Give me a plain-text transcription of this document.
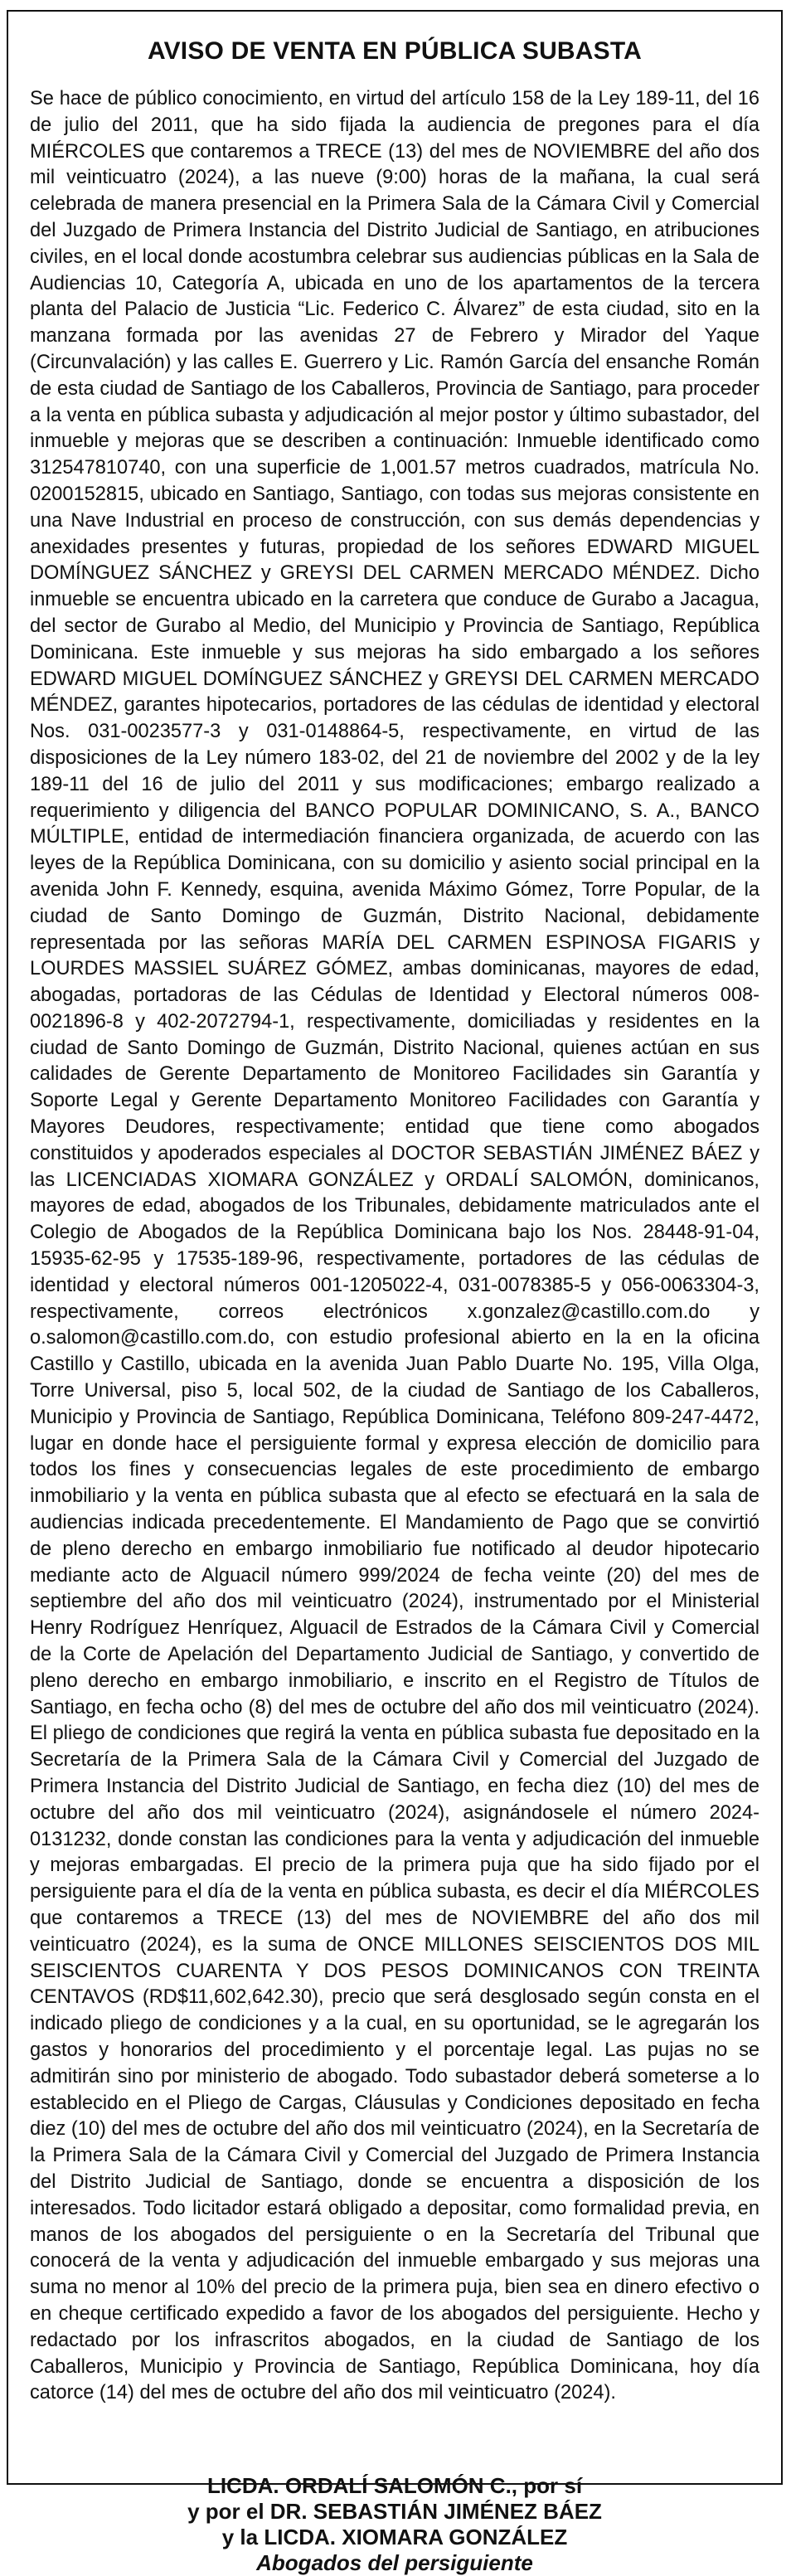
AVISO DE VENTA EN PÚBLICA SUBASTA
Se hace de público conocimiento, en virtud del artículo 158 de la Ley 189-11, del 16 de julio del 2011, que ha sido fijada la audiencia de pregones para el día MIÉRCOLES que contaremos a TRECE (13) del mes de NOVIEMBRE del año dos mil veinticuatro (2024), a las nueve (9:00) horas de la mañana, la cual será celebrada de manera presencial en la Primera Sala de la Cámara Civil y Comercial del Juzgado de Primera Instancia del Distrito Judicial de Santiago, en atribuciones civiles, en el local donde acostumbra celebrar sus audiencias públicas en la Sala de Audiencias 10, Categoría A, ubicada en uno de los apartamentos de la tercera planta del Palacio de Justicia “Lic. Federico C. Álvarez” de esta ciudad, sito en la manzana formada por las avenidas 27 de Febrero y Mirador del Yaque (Circunvalación) y las calles E. Guerrero y Lic. Ramón García del ensanche Román de esta ciudad de Santiago de los Caballeros, Provincia de Santiago, para proceder a la venta en pública subasta y adjudicación al mejor postor y último subastador, del inmueble y mejoras que se describen a continuación: Inmueble identificado como 312547810740, con una superficie de 1,001.57 metros cuadrados, matrícula No. 0200152815, ubicado en Santiago, Santiago, con todas sus mejoras consistente en una Nave Industrial en proceso de construcción, con sus demás dependencias y anexidades presentes y futuras, propiedad de los señores EDWARD MIGUEL DOMÍNGUEZ SÁNCHEZ y GREYSI DEL CARMEN MERCADO MÉNDEZ. Dicho inmueble se encuentra ubicado en la carretera que conduce de Gurabo a Jacagua, del sector de Gurabo al Medio, del Municipio y Provincia de Santiago, República Dominicana. Este inmueble y sus mejoras ha sido embargado a los señores EDWARD MIGUEL DOMÍNGUEZ SÁNCHEZ y GREYSI DEL CARMEN MERCADO MÉNDEZ, garantes hipotecarios, portadores de las cédulas de identidad y electoral Nos. 031-0023577-3 y 031-0148864-5, respectivamente, en virtud de las disposiciones de la Ley número 183-02, del 21 de noviembre del 2002 y de la ley 189-11 del 16 de julio del 2011 y sus modificaciones; embargo realizado a requerimiento y diligencia del BANCO POPULAR DOMINICANO, S. A., BANCO MÚLTIPLE, entidad de intermediación financiera organizada, de acuerdo con las leyes de la República Dominicana, con su domicilio y asiento social principal en la avenida John F. Kennedy, esquina, avenida Máximo Gómez, Torre Popular, de la ciudad de Santo Domingo de Guzmán, Distrito Nacional, debidamente representada por las señoras MARÍA DEL CARMEN ESPINOSA FIGARIS y LOURDES MASSIEL SUÁREZ GÓMEZ, ambas dominicanas, mayores de edad, abogadas, portadoras de las Cédulas de Identidad y Electoral números 008-0021896-8 y 402-2072794-1, respectivamente, domiciliadas y residentes en la ciudad de Santo Domingo de Guzmán, Distrito Nacional, quienes actúan en sus calidades de Gerente Departamento de Monitoreo Facilidades sin Garantía y Soporte Legal y Gerente Departamento Monitoreo Facilidades con Garantía y Mayores Deudores, respectivamente; entidad que tiene como abogados constituidos y apoderados especiales al DOCTOR SEBASTIÁN JIMÉNEZ BÁEZ y las LICENCIADAS XIOMARA GONZÁLEZ y ORDALÍ SALOMÓN, dominicanos, mayores de edad, abogados de los Tribunales, debidamente matriculados ante el Colegio de Abogados de la República Dominicana bajo los Nos. 28448-91-04, 15935-62-95 y 17535-189-96, respectivamente, portadores de las cédulas de identidad y electoral números 001-1205022-4, 031-0078385-5 y 056-0063304-3, respectivamente, correos electrónicos x.gonzalez@castillo.com.do y o.salomon@castillo.com.do, con estudio profesional abierto en la en la oficina Castillo y Castillo, ubicada en la avenida Juan Pablo Duarte No. 195, Villa Olga, Torre Universal, piso 5, local 502, de la ciudad de Santiago de los Caballeros, Municipio y Provincia de Santiago, República Dominicana, Teléfono 809-247-4472, lugar en donde hace el persiguiente formal y expresa elección de domicilio para todos los fines y consecuencias legales de este procedimiento de embargo inmobiliario y la venta en pública subasta que al efecto se efectuará en la sala de audiencias indicada precedentemente. El Mandamiento de Pago que se convirtió de pleno derecho en embargo inmobiliario fue notificado al deudor hipotecario mediante acto de Alguacil número 999/2024 de fecha veinte (20) del mes de septiembre del año dos mil veinticuatro (2024), instrumentado por el Ministerial Henry Rodríguez Henríquez, Alguacil de Estrados de la Cámara Civil y Comercial de la Corte de Apelación del Departamento Judicial de Santiago, y convertido de pleno derecho en embargo inmobiliario, e inscrito en el Registro de Títulos de Santiago, en fecha ocho (8) del mes de octubre del año dos mil veinticuatro (2024). El pliego de condiciones que regirá la venta en pública subasta fue depositado en la Secretaría de la Primera Sala de la Cámara Civil y Comercial del Juzgado de Primera Instancia del Distrito Judicial de Santiago, en fecha diez (10) del mes de octubre del año dos mil veinticuatro (2024), asignándosele el número 2024-0131232, donde constan las condiciones para la venta y adjudicación del inmueble y mejoras embargadas. El precio de la primera puja que ha sido fijado por el persiguiente para el día de la venta en pública subasta, es decir el día MIÉRCOLES que contaremos a TRECE (13) del mes de NOVIEMBRE del año dos mil veinticuatro (2024), es la suma de ONCE MILLONES SEISCIENTOS DOS MIL SEISCIENTOS CUARENTA Y DOS PESOS DOMINICANOS CON TREINTA CENTAVOS (RD$11,602,642.30), precio que será desglosado según consta en el indicado pliego de condiciones y a la cual, en su oportunidad, se le agregarán los gastos y honorarios del procedimiento y el porcentaje legal. Las pujas no se admitirán sino por ministerio de abogado. Todo subastador deberá someterse a lo establecido en el Pliego de Cargas, Cláusulas y Condiciones depositado en fecha diez (10) del mes de octubre del año dos mil veinticuatro (2024), en la Secretaría de la Primera Sala de la Cámara Civil y Comercial del Juzgado de Primera Instancia del Distrito Judicial de Santiago, donde se encuentra a disposición de los interesados. Todo licitador estará obligado a depositar, como formalidad previa, en manos de los abogados del persiguiente o en la Secretaría del Tribunal que conocerá de la venta y adjudicación del inmueble embargado y sus mejoras una suma no menor al 10% del precio de la primera puja, bien sea en dinero efectivo o en cheque certificado expedido a favor de los abogados del persiguiente. Hecho y redactado por los infrascritos abogados, en la ciudad de Santiago de los Caballeros, Municipio y Provincia de Santiago, República Dominicana, hoy día catorce (14) del mes de octubre del año dos mil veinticuatro (2024).
LICDA. ORDALÍ SALOMÓN C., por sí
y por el DR. SEBASTIÁN JIMÉNEZ BÁEZ
y la LICDA. XIOMARA GONZÁLEZ
Abogados del persiguiente
